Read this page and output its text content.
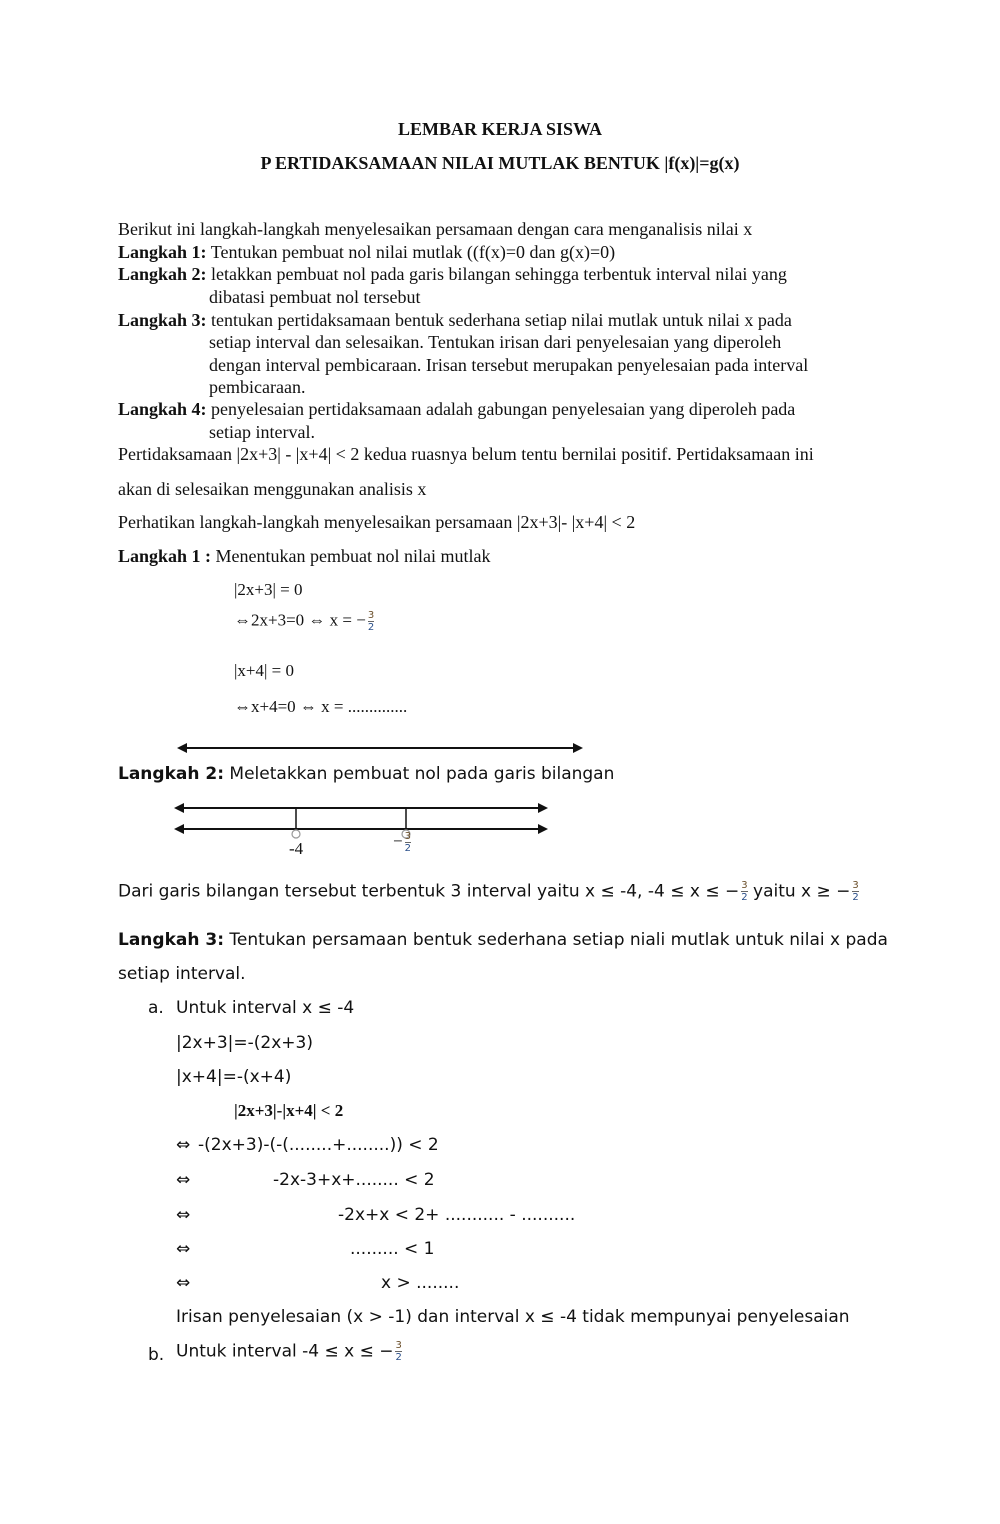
LEMBAR KERJA SISWA
P ERTIDAKSAMAAN NILAI MUTLAK BENTUK |f(x)|=g(x)
Berikut ini langkah-langkah menyelesaikan persamaan dengan cara menganalisis nilai x
Langkah 1: Tentukan pembuat nol nilai mutlak ((f(x)=0 dan g(x)=0)
Langkah 2: letakkan pembuat nol pada garis bilangan sehingga terbentuk interval nilai yang
dibatasi pembuat nol tersebut
Langkah 3: tentukan pertidaksamaan bentuk sederhana setiap nilai mutlak untuk nilai x pada
setiap interval dan selesaikan. Tentukan irisan dari penyelesaian yang diperoleh
dengan interval pembicaraan. Irisan tersebut merupakan penyelesaian pada interval
pembicaraan.
Langkah 4: penyelesaian pertidaksamaan adalah gabungan penyelesaian yang diperoleh pada
setiap interval.
Pertidaksamaan |2x+3| - |x+4| < 2 kedua ruasnya belum tentu bernilai positif. Pertidaksamaan ini
akan di selesaikan menggunakan analisis x
Perhatikan langkah-langkah menyelesaikan persamaan |2x+3|- |x+4| < 2
Langkah 1 : Menentukan pembuat nol nilai mutlak
|2x+3| = 0
⇔2x+3=0 ⇔ x = − $\frac{3}{2}$
|x+4| = 0
⇔x+4=0 ⇔ x = ..............
Langkah 2: Meletakkan pembuat nol pada garis bilangan
-4	− $\frac{3}{2}$
Dari garis bilangan tersebut terbentuk 3 interval yaitu x ≤ -4, -4 ≤ x ≤ − $\frac{3}{2}$ yaitu x ≥ − $\frac{3}{2}$
Langkah 3: Tentukan persamaan bentuk sederhana setiap niali mutlak untuk nilai x pada
setiap interval.
a. Untuk interval x ≤ -4
|2x+3|=-(2x+3)
|x+4|=-(x+4)
|2x+3|-|x+4| < 2
⇔ -(2x+3)-(-(........+........)) < 2
⇔	-2x-3+x+........ < 2
⇔	-2x+x < 2+ ........... - ..........
⇔	......... < 1
⇔	x > ........
Irisan penyelesaian (x > -1) dan interval x ≤ -4 tidak mempunyai penyelesaian
b. Untuk interval -4 ≤ x ≤ − $\frac{3}{2}$
